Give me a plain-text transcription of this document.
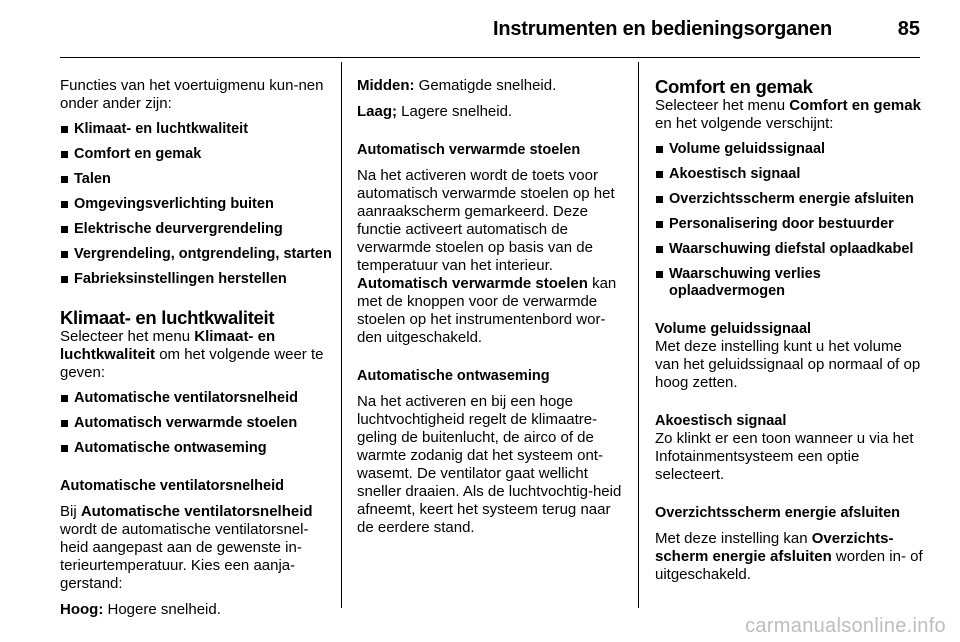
Instrumenten en bedieningsorganen	85

Functies van het voertuigmenu kun-nen onder ander zijn:

Klimaat- en luchtkwaliteit
Comfort en gemak
Talen
Omgevingsverlichting buiten
Elektrische deurvergrendeling
Vergrendeling, ontgrendeling, starten
Fabrieksinstellingen herstellen
Klimaat- en luchtkwaliteit

Selecteer het menu Klimaat- en luchtkwaliteit om het volgende weer te geven:

Automatische ventilatorsnelheid
Automatisch verwarmde stoelen
Automatische ontwaseming

Automatische ventilatorsnelheid

Bij Automatische ventilatorsnelheid wordt de automatische ventilatorsnel-heid aangepast aan de gewenste in-terieurtemperatuur. Kies een aanja-gerstand:

Hoog: Hogere snelheid.

Midden: Gematigde snelheid.

Laag; Lagere snelheid.

Automatisch verwarmde stoelen

Na het activeren wordt de toets voor automatisch verwarmde stoelen op het aanraakscherm gemarkeerd. Deze functie activeert automatisch de verwarmde stoelen op basis van de temperatuur van het interieur. Automatisch verwarmde stoelen kan met de knoppen voor de verwarmde stoelen op het instrumentenbord wor-den uitgeschakeld.

Automatische ontwaseming

Na het activeren en bij een hoge luchtvochtigheid regelt de klimaatre-geling de buitenlucht, de airco of de warmte zodanig dat het systeem ont-wasemt. De ventilator gaat wellicht sneller draaien. Als de luchtvochtig-heid afneemt, keert het systeem terug naar de eerdere stand.

Comfort en gemak

Selecteer het menu Comfort en gemak en het volgende verschijnt:

Volume geluidssignaal
Akoestisch signaal
Overzichtsscherm energie afsluiten
Personalisering door bestuurder
Waarschuwing diefstal oplaadkabel
Waarschuwing verlies oplaadvermogen

Volume geluidssignaal

Met deze instelling kunt u het volume van het geluidssignaal op normaal of op hoog zetten.

Akoestisch signaal

Zo klinkt er een toon wanneer u via het Infotainmentsysteem een optie selecteert.

Overzichtsscherm energie afsluiten

Met deze instelling kan Overzichts-scherm energie afsluiten worden in- of uitgeschakeld.

carmanualsonline.info
